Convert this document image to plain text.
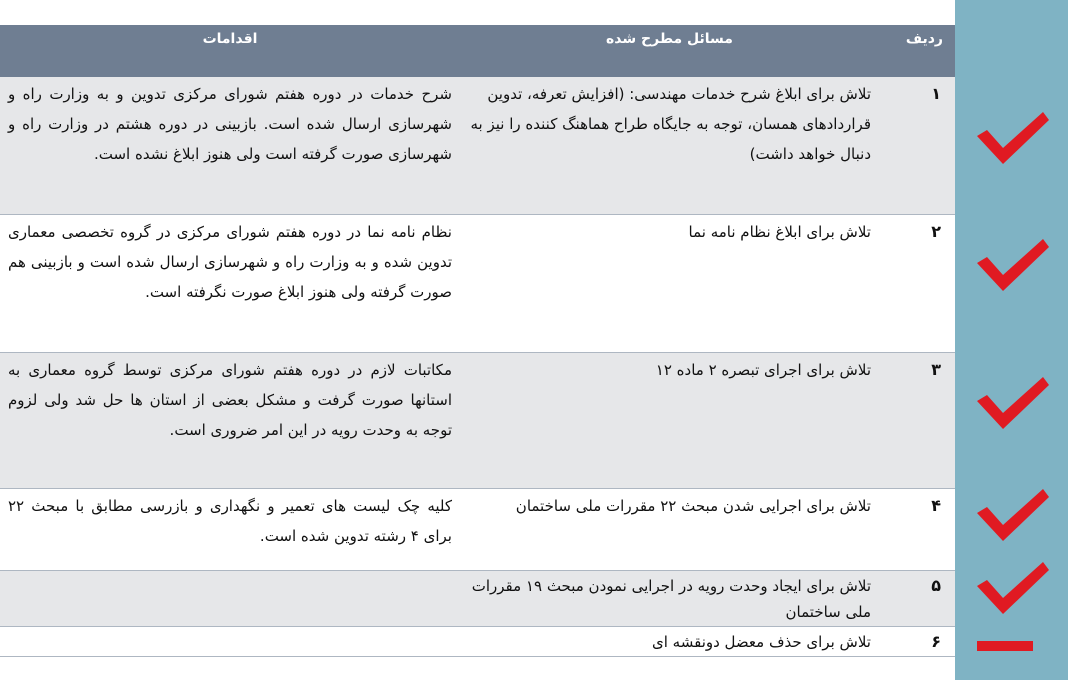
ردیف
مسائل مطرح شده
اقدامات
۱
تلاش برای ابلاغ شرح خدمات مهندسی: (افزایش تعرفه، تدوین قراردادهای همسان، توجه به جایگاه طراح هماهنگ کننده را نیز به دنبال خواهد داشت)
شرح خدمات در دوره هفتم شورای مرکزی تدوین و به وزارت راه و شهرسازی ارسال شده است. بازبینی در دوره هشتم در وزارت راه و شهرسازی صورت گرفته است ولی هنوز ابلاغ نشده است.
۲
تلاش برای ابلاغ نظام نامه نما
نظام نامه نما در دوره هفتم شورای مرکزی در گروه تخصصی معماری تدوین شده و به وزارت راه و شهرسازی ارسال شده است و بازبینی هم صورت گرفته ولی هنوز ابلاغ صورت نگرفته است.
۳
تلاش برای اجرای تبصره ۲ ماده ۱۲
مکاتبات لازم در دوره هفتم شورای مرکزی توسط گروه معماری به استانها صورت گرفت و مشکل بعضی از استان ها حل شد ولی لزوم توجه به وحدت رویه در این امر ضروری است.
۴
تلاش برای اجرایی شدن مبحث ۲۲ مقررات ملی ساختمان
کلیه چک لیست های تعمیر و نگهداری و بازرسی مطابق با مبحث ۲۲ برای ۴ رشته تدوین شده است.
۵
تلاش برای ایجاد وحدت رویه در اجرایی نمودن مبحث ۱۹ مقررات ملی ساختمان
۶
تلاش برای حذف معضل دونقشه ای
